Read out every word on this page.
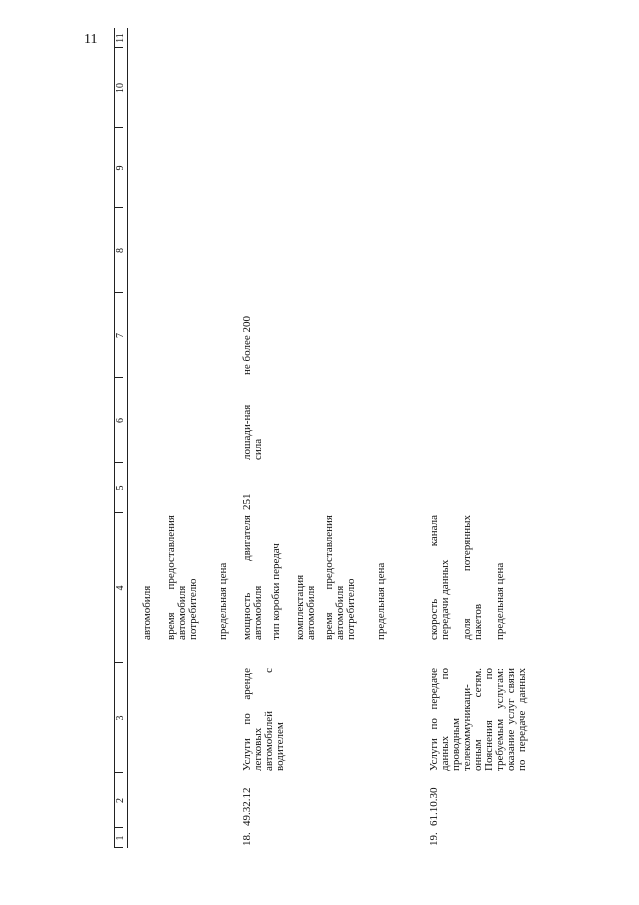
11
1
2
3
4
5
6
7
8
9
10
11
автомобиля время предоставления
автомобиля потребителю предельная цена
18.
49.32.12
Услуги по аренде легковых автомобилей с водителем
мощность двигателя автомобиля тип коробки передач комплектация автомобиля время предоставления автомобиля потребителю предельная цена
251
лошади-ная сила
не более 200
19.
61.10.30
Услуги по передаче данных по проводным телекоммуникаци-онным сетям. Пояснения по требуемым услугам: оказание услуг связи по передаче данных
скорость канала передачи данных доля потерянных пакетов предельная цена
